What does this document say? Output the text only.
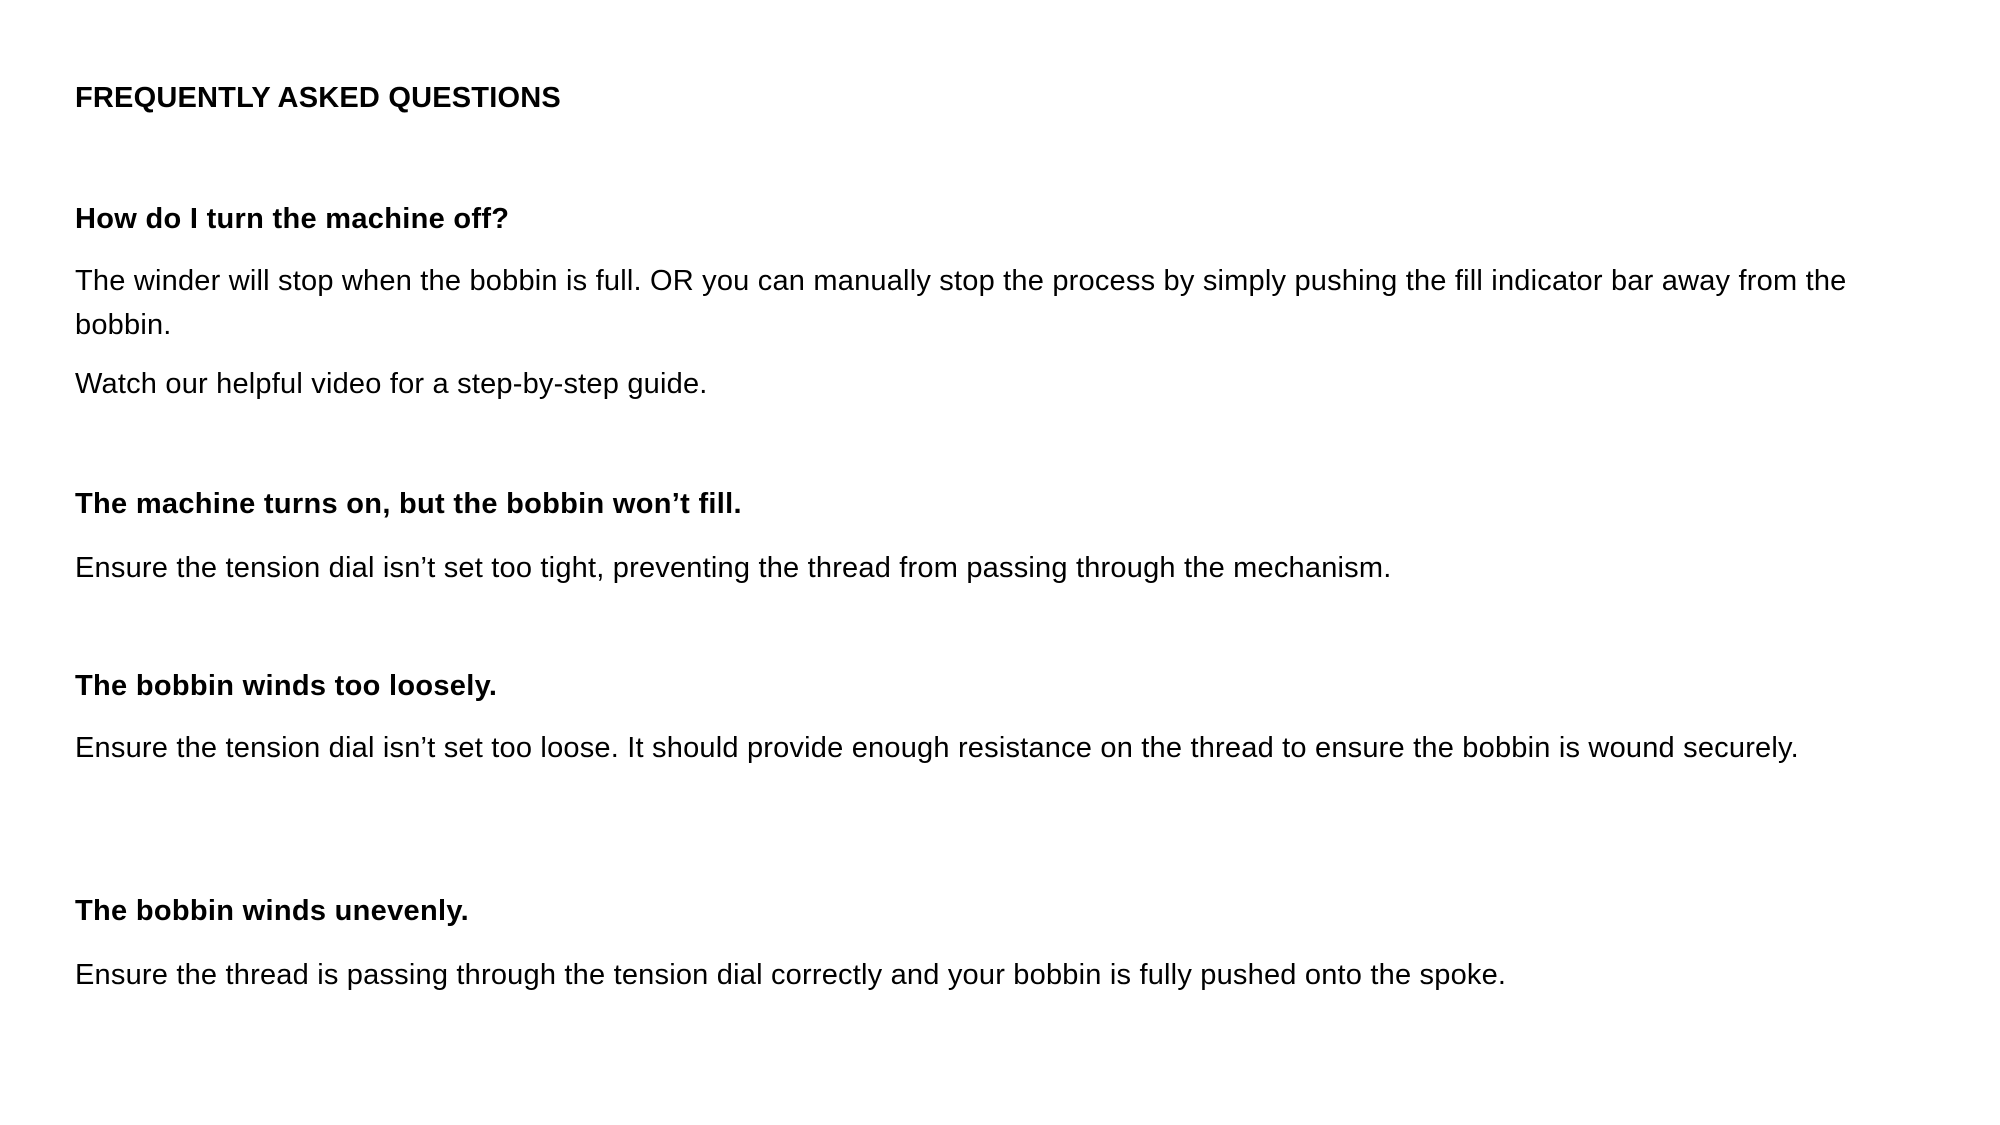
FREQUENTLY ASKED QUESTIONS
How do I turn the machine off?

The winder will stop when the bobbin is full. OR you can manually stop the process by simply pushing the fill indicator bar away from the bobbin.

Watch our helpful video for a step-by-step guide.

The machine turns on, but the bobbin won’t fill.

Ensure the tension dial isn’t set too tight, preventing the thread from passing through the mechanism.

The bobbin winds too loosely.

Ensure the tension dial isn’t set too loose. It should provide enough resistance on the thread to ensure the bobbin is wound securely.

The bobbin winds unevenly.

Ensure the thread is passing through the tension dial correctly and your bobbin is fully pushed onto the spoke.
